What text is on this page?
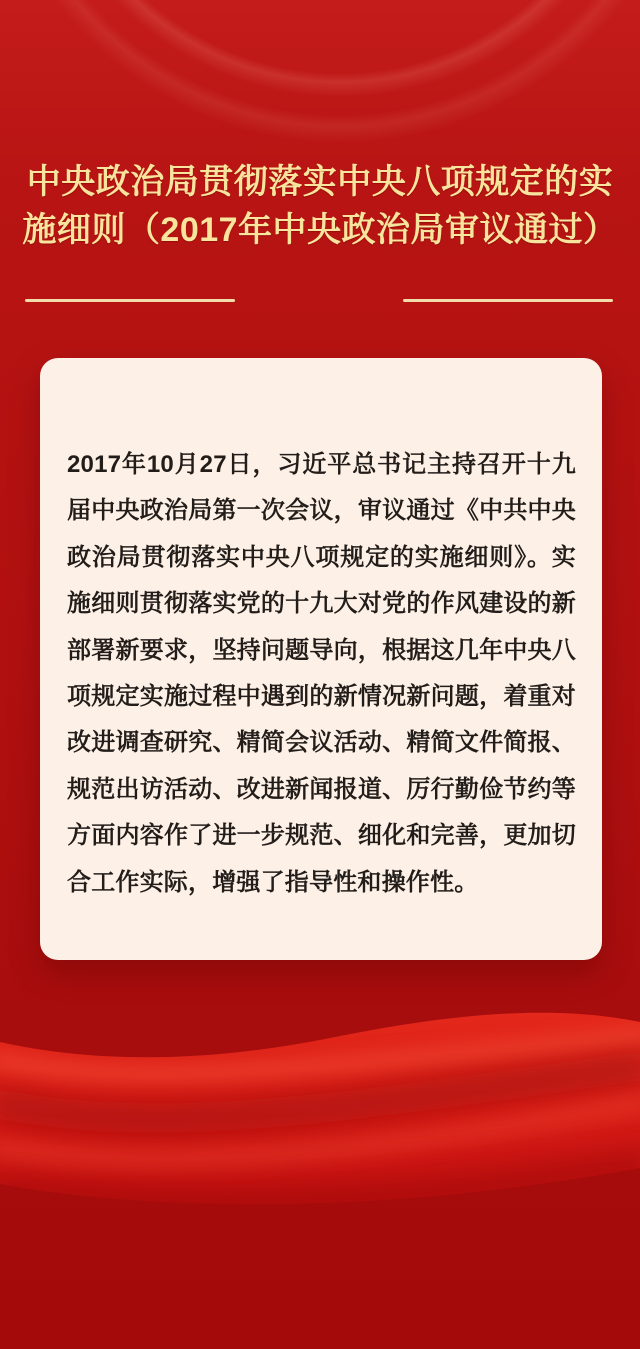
中央政治局贯彻落实中央八项规定的实
施细则（2017年中央政治局审议通过）
2017年10月27日，习近平总书记主持召开十九
届中央政治局第一次会议，审议通过《中共中央
政治局贯彻落实中央八项规定的实施细则》。实
施细则贯彻落实党的十九大对党的作风建设的新
部署新要求，坚持问题导向，根据这几年中央八
项规定实施过程中遇到的新情况新问题，着重对
改进调查研究、精简会议活动、精简文件简报、
规范出访活动、改进新闻报道、厉行勤俭节约等
方面内容作了进一步规范、细化和完善，更加切
合工作实际，增强了指导性和操作性。
